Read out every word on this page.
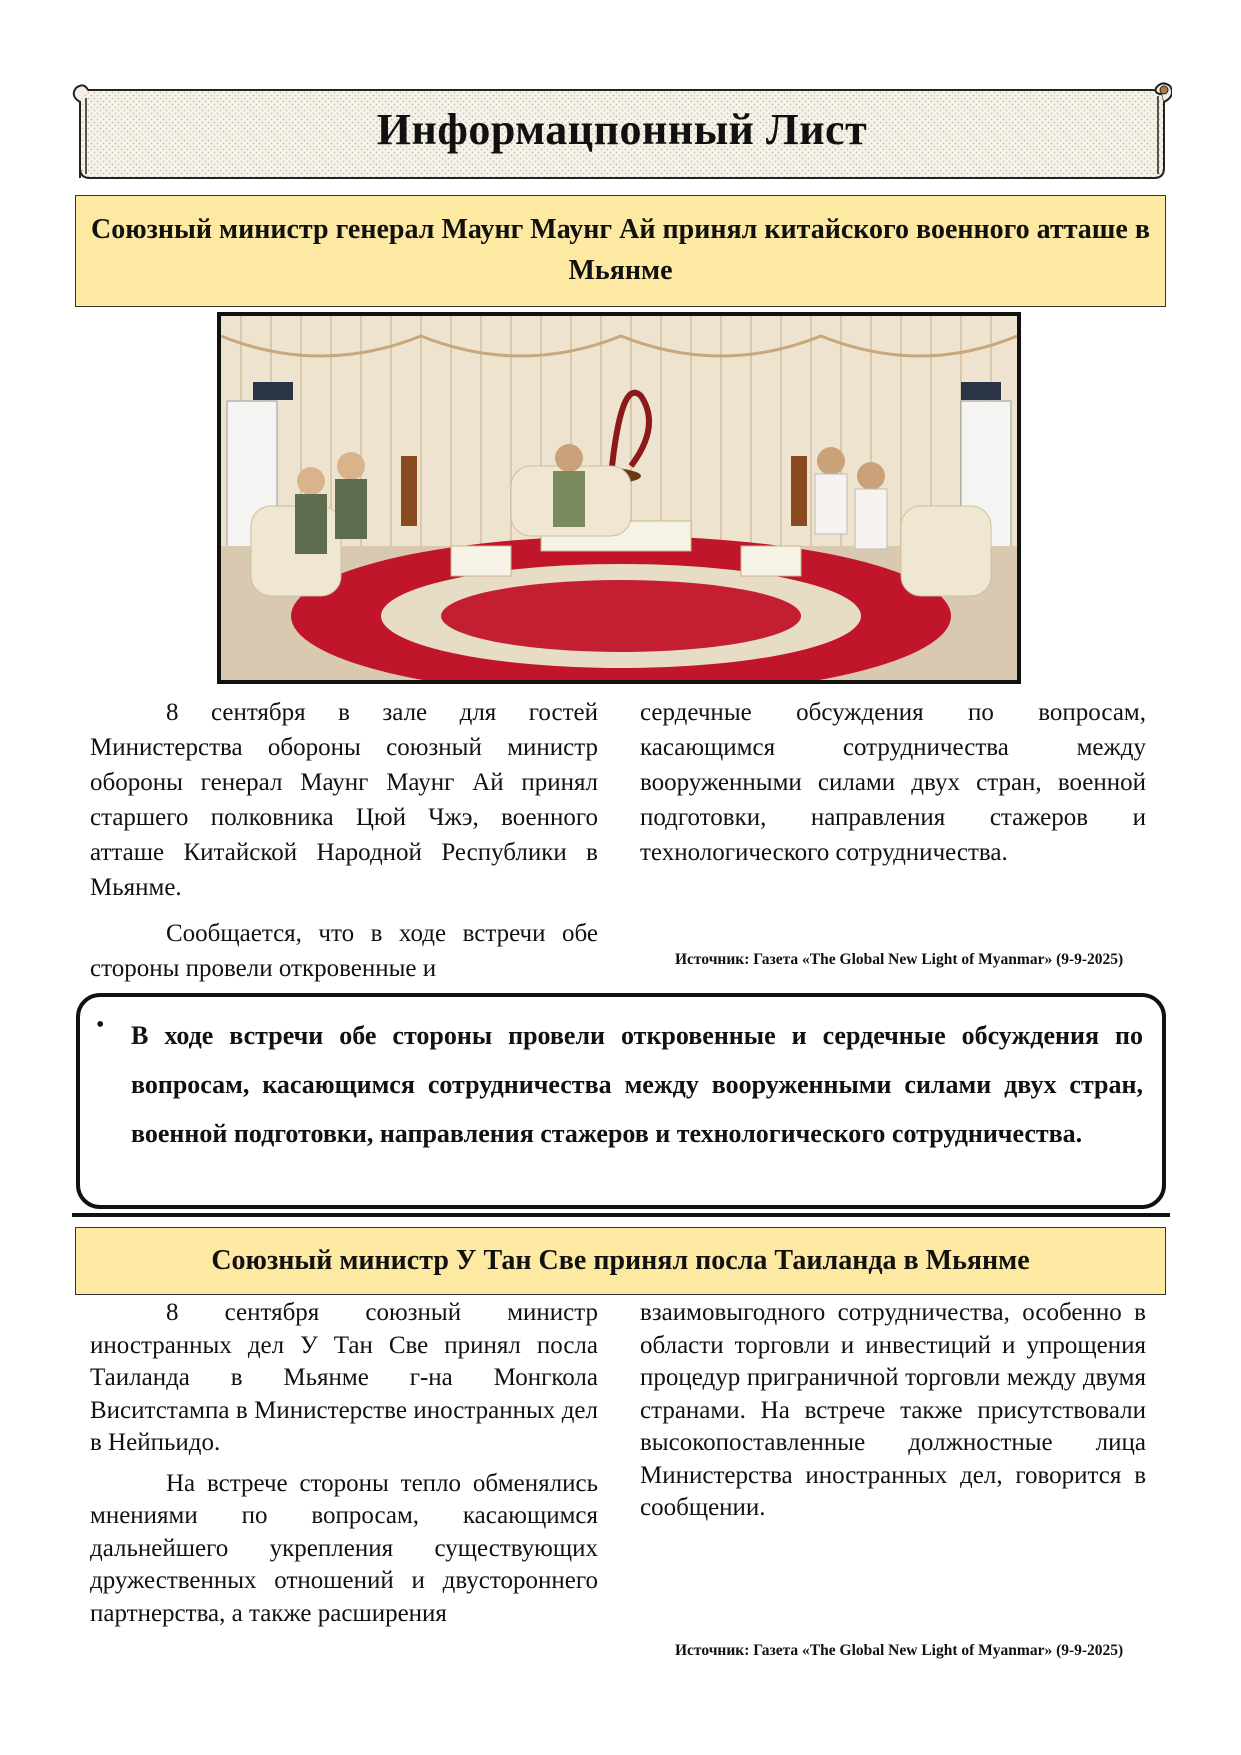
Информацпонный Лист
Союзный министр генерал Маунг Маунг Ай принял китайского военного атташе в Мьянме

8 сентября в зале для гостей Министерства обороны союзный министр обороны генерал Маунг Маунг Ай принял старшего полковника Цюй Чжэ, военного атташе Китайской Народной Республики в Мьянме.

Сообщается, что в ходе встречи обе стороны провели откровенные и

сердечные обсуждения по вопросам, касающимся сотрудничества между вооруженными силами двух стран, военной подготовки, направления стажеров и технологического сотрудничества.

Источник: Газета «The Global New Light of Myanmar» (9-9-2025)
• В ходе встречи обе стороны провели откровенные и сердечные обсуждения по вопросам, касающимся сотрудничества между вооруженными силами двух стран, военной подготовки, направления стажеров и технологического сотрудничества.
Союзный министр У Тан Све принял посла Таиланда в Мьянме

8 сентября союзный министр иностранных дел У Тан Све принял посла Таиланда в Мьянме г-на Монгкола Виситстампа в Министерстве иностранных дел в Нейпьидо.

На встрече стороны тепло обменялись мнениями по вопросам, касающимся дальнейшего укрепления существующих дружественных отношений и двустороннего партнерства, а также расширения

взаимовыгодного сотрудничества, особенно в области торговли и инвестиций и упрощения процедур приграничной торговли между двумя странами. На встрече также присутствовали высокопоставленные должностные лица Министерства иностранных дел, говорится в сообщении.

Источник: Газета «The Global New Light of Myanmar» (9-9-2025)
